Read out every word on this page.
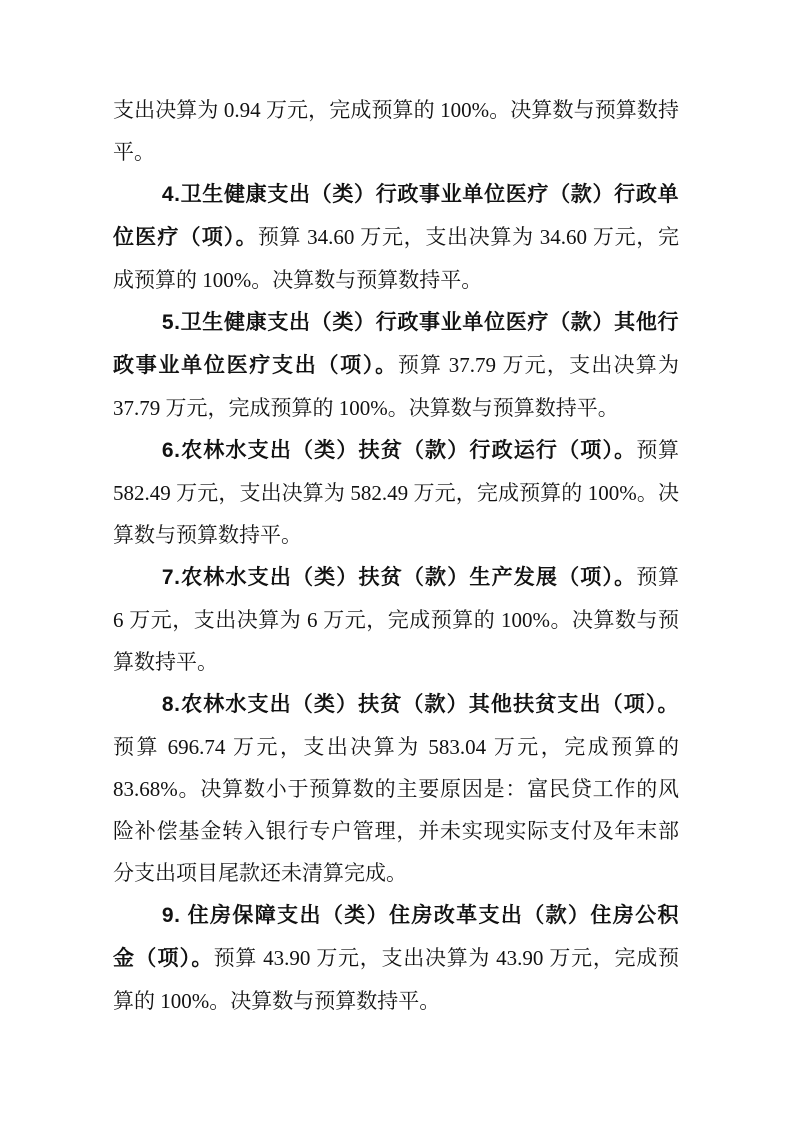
支出决算为 0.94 万元，完成预算的 100%。决算数与预算数持平。

4.卫生健康支出（类）行政事业单位医疗（款）行政单位医疗（项）。预算 34.60 万元，支出决算为 34.60 万元，完成预算的 100%。决算数与预算数持平。

5.卫生健康支出（类）行政事业单位医疗（款）其他行政事业单位医疗支出（项）。预算 37.79 万元，支出决算为 37.79 万元，完成预算的 100%。决算数与预算数持平。

6.农林水支出（类）扶贫（款）行政运行（项）。预算 582.49 万元，支出决算为 582.49 万元，完成预算的 100%。决算数与预算数持平。

7.农林水支出（类）扶贫（款）生产发展（项）。预算 6 万元，支出决算为 6 万元，完成预算的 100%。决算数与预算数持平。

8.农林水支出（类）扶贫（款）其他扶贫支出（项）。预算 696.74 万元，支出决算为 583.04 万元，完成预算的 83.68%。决算数小于预算数的主要原因是：富民贷工作的风险补偿基金转入银行专户管理，并未实现实际支付及年末部分支出项目尾款还未清算完成。

9. 住房保障支出（类）住房改革支出（款）住房公积金（项）。预算 43.90 万元，支出决算为 43.90 万元，完成预算的 100%。决算数与预算数持平。
